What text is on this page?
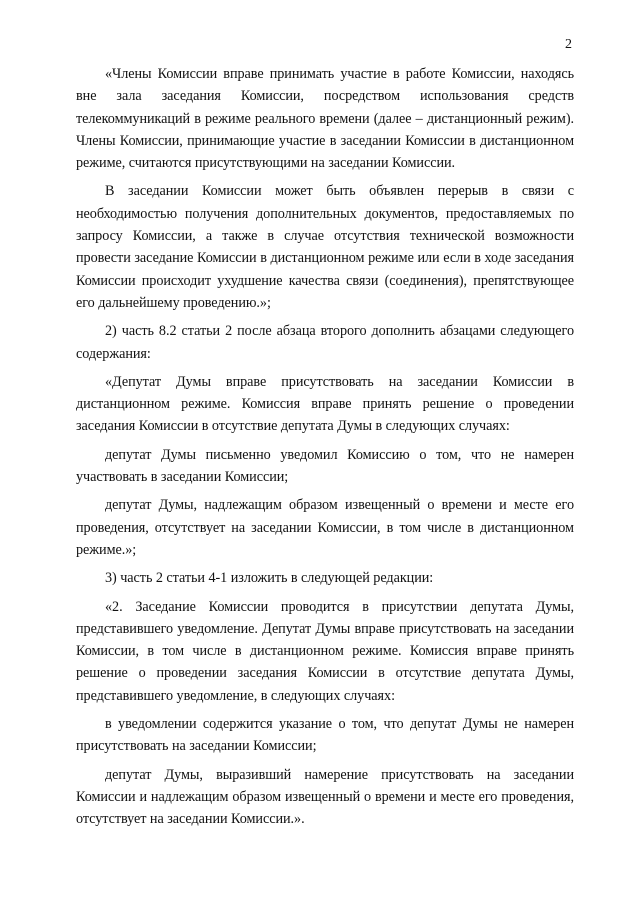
2

«Члены Комиссии вправе принимать участие в работе Комиссии, находясь вне зала заседания Комиссии, посредством использования средств телекоммуникаций в режиме реального времени (далее – дистанционный режим). Члены Комиссии, принимающие участие в заседании Комиссии в дистанционном режиме, считаются присутствующими на заседании Комиссии.

В заседании Комиссии может быть объявлен перерыв в связи с необходимостью получения дополнительных документов, предоставляемых по запросу Комиссии, а также в случае отсутствия технической возможности провести заседание Комиссии в дистанционном режиме или если в ходе заседания Комиссии происходит ухудшение качества связи (соединения), препятствующее его дальнейшему проведению.»;

2) часть 8.2 статьи 2 после абзаца второго дополнить абзацами следующего содержания:

«Депутат Думы вправе присутствовать на заседании Комиссии в дистанционном режиме. Комиссия вправе принять решение о проведении заседания Комиссии в отсутствие депутата Думы в следующих случаях:

депутат Думы письменно уведомил Комиссию о том, что не намерен участвовать в заседании Комиссии;

депутат Думы, надлежащим образом извещенный о времени и месте его проведения, отсутствует на заседании Комиссии, в том числе в дистанционном режиме.»;

3) часть 2 статьи 4-1 изложить в следующей редакции:

«2. Заседание Комиссии проводится в присутствии депутата Думы, представившего уведомление. Депутат Думы вправе присутствовать на заседании Комиссии, в том числе в дистанционном режиме. Комиссия вправе принять решение о проведении заседания Комиссии в отсутствие депутата Думы, представившего уведомление, в следующих случаях:

в уведомлении содержится указание о том, что депутат Думы не намерен присутствовать на заседании Комиссии;

депутат Думы, выразивший намерение присутствовать на заседании Комиссии и надлежащим образом извещенный о времени и месте его проведения, отсутствует на заседании Комиссии.».
